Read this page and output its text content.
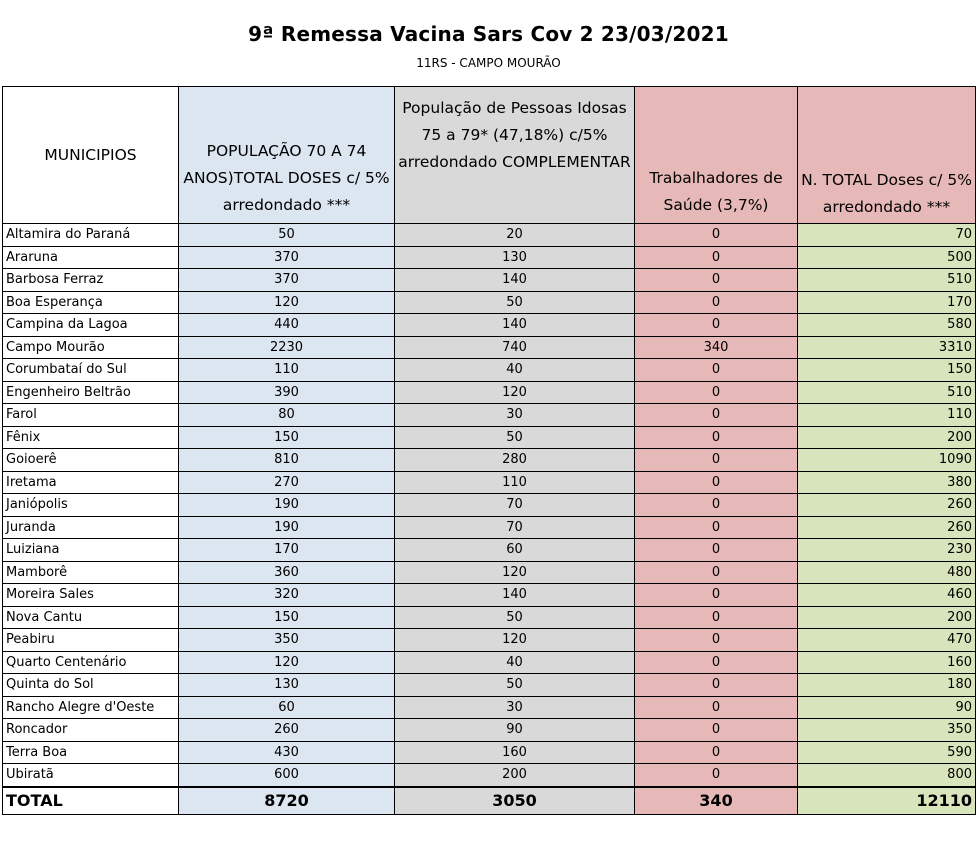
9ª Remessa Vacina Sars Cov 2 23/03/2021
11RS - CAMPO MOURÃO
MUNICIPIOS	POPULAÇÃO 70 A 74 ANOS)TOTAL DOSES c/ 5% arredondado ***	População de Pessoas Idosas 75 a 79* (47,18%) c/5% arredondado COMPLEMENTAR	Trabalhadores de Saúde (3,7%)	N. TOTAL Doses c/ 5% arredondado ***
Altamira do Paraná	50	20	0	70
Araruna	370	130	0	500
Barbosa Ferraz	370	140	0	510
Boa Esperança	120	50	0	170
Campina da Lagoa	440	140	0	580
Campo Mourão	2230	740	340	3310
Corumbataí do Sul	110	40	0	150
Engenheiro Beltrão	390	120	0	510
Farol	80	30	0	110
Fênix	150	50	0	200
Goioerê	810	280	0	1090
Iretama	270	110	0	380
Janiópolis	190	70	0	260
Juranda	190	70	0	260
Luiziana	170	60	0	230
Mamborê	360	120	0	480
Moreira Sales	320	140	0	460
Nova Cantu	150	50	0	200
Peabiru	350	120	0	470
Quarto Centenário	120	40	0	160
Quinta do Sol	130	50	0	180
Rancho Alegre d'Oeste	60	30	0	90
Roncador	260	90	0	350
Terra Boa	430	160	0	590
Ubiratã	600	200	0	800
TOTAL	8720	3050	340	12110
